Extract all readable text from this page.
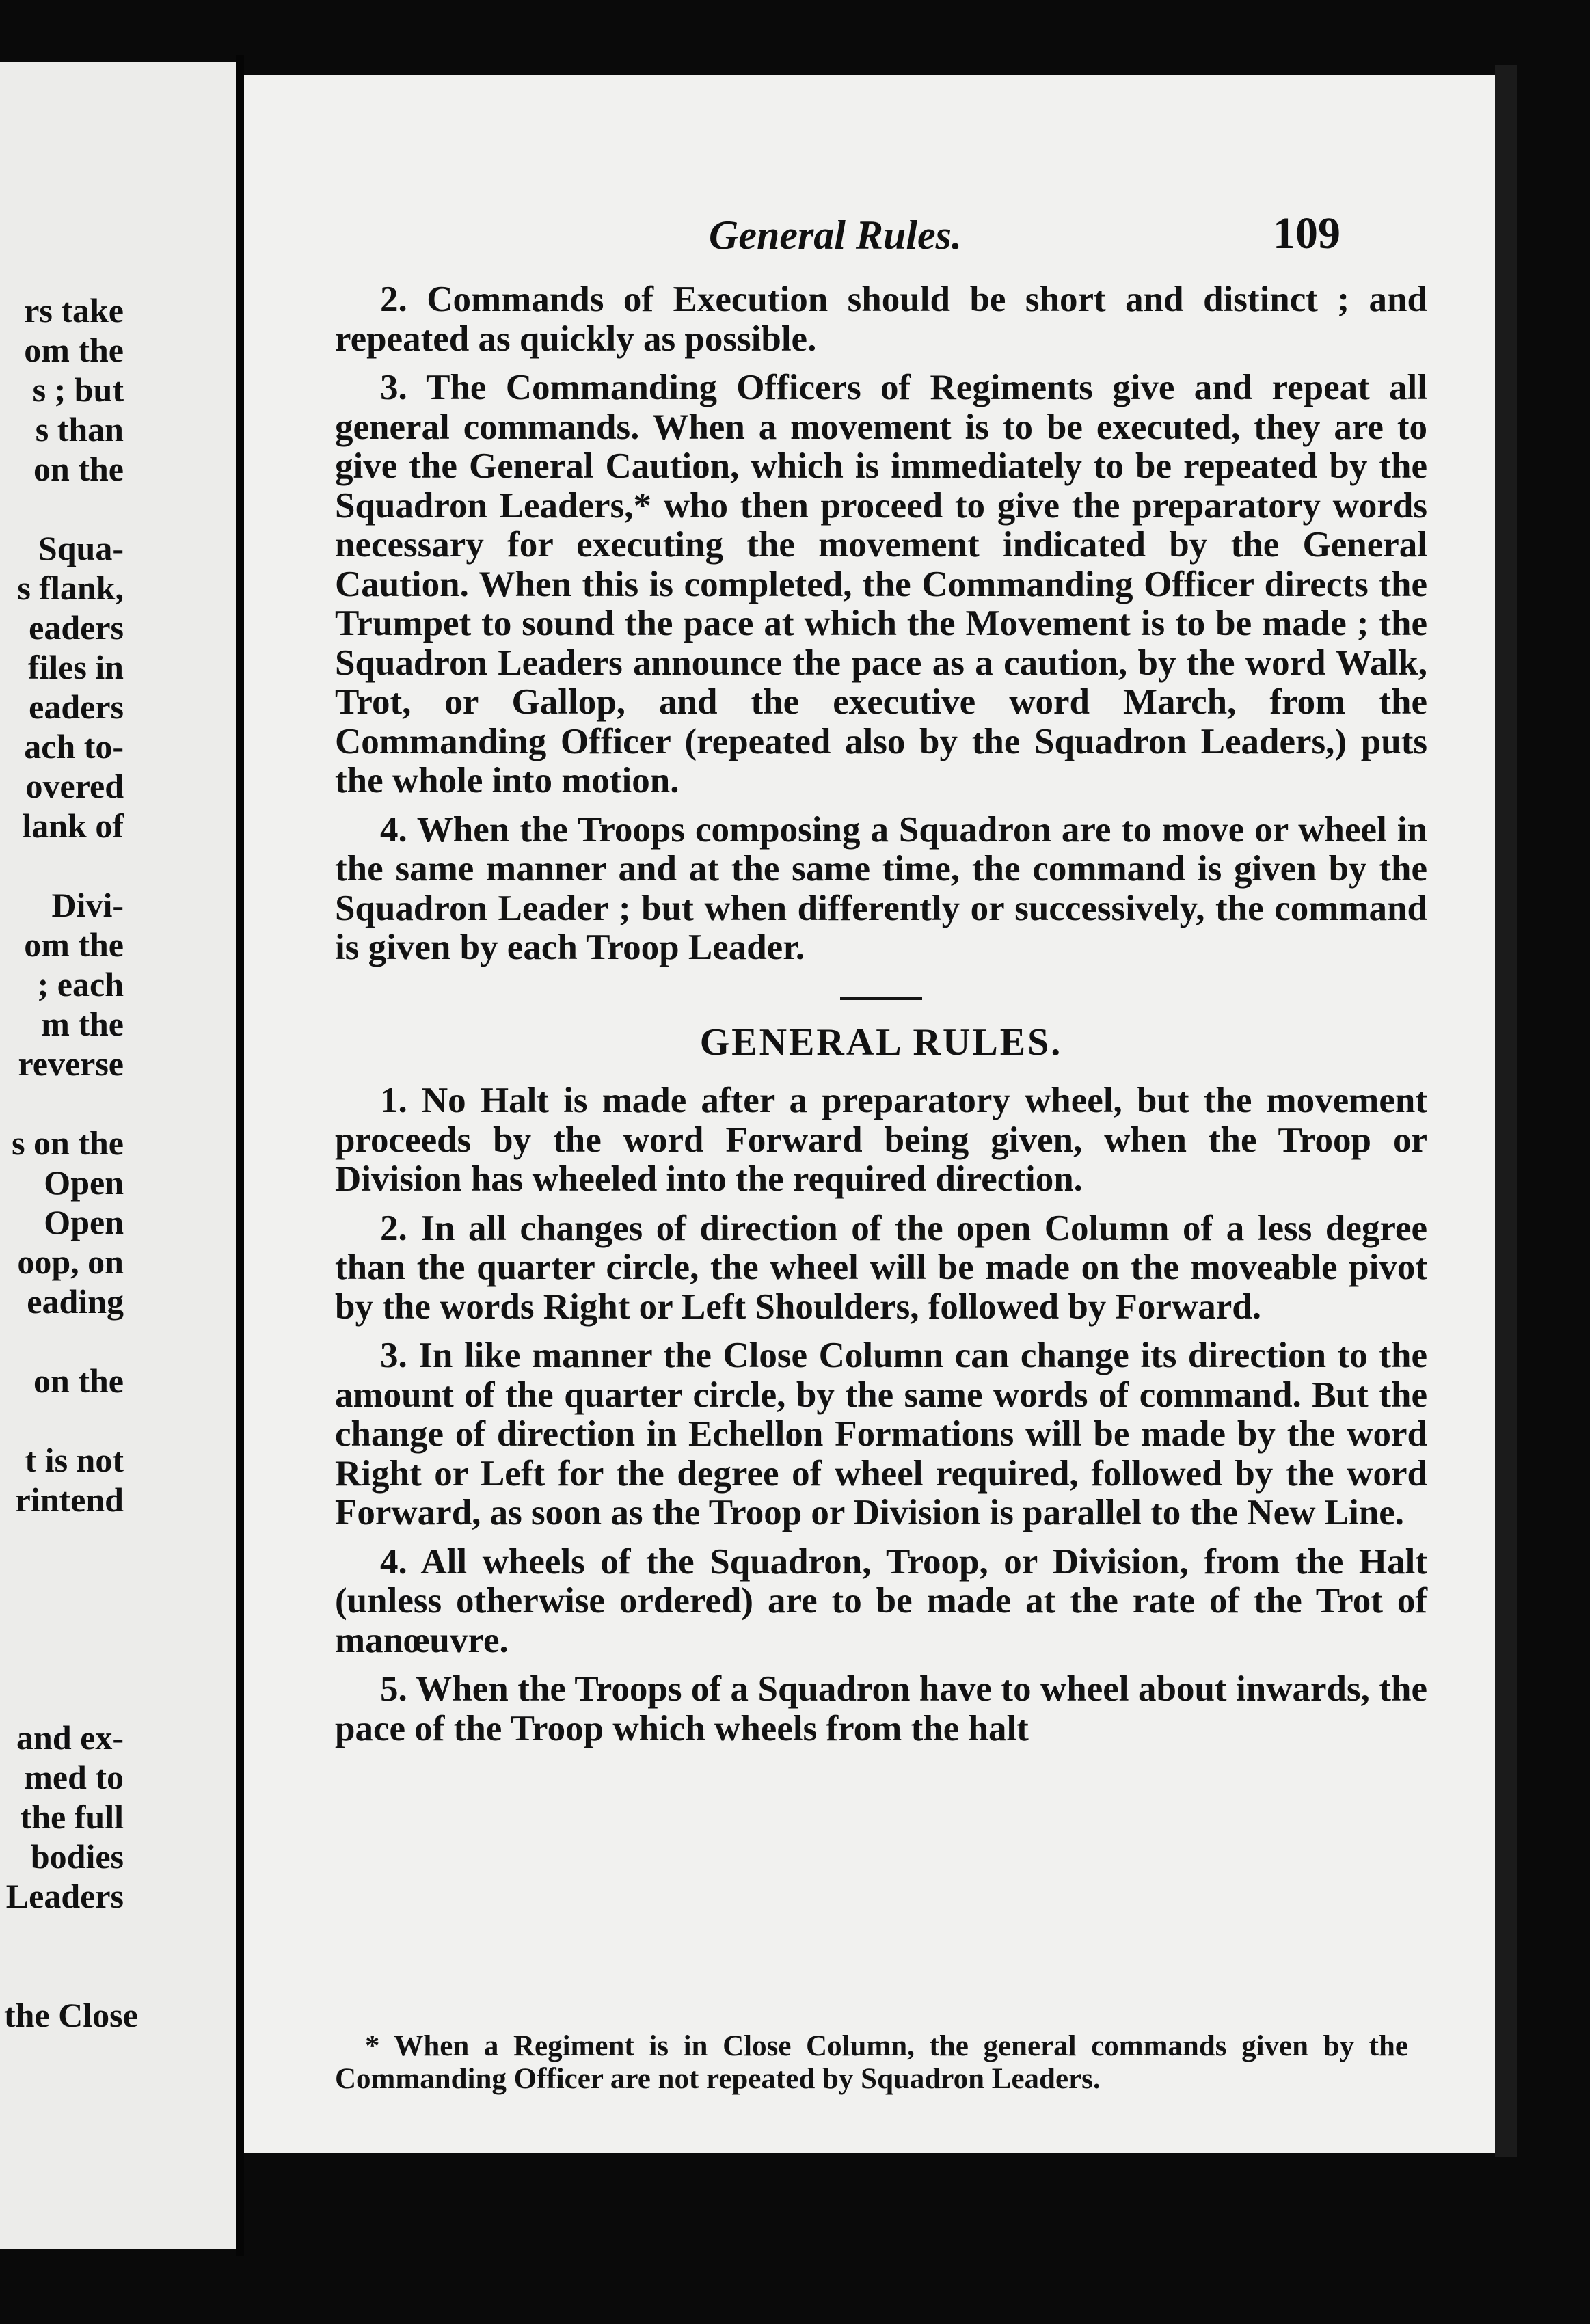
rs take
om the
s ; but
s than
on the
Squa-
s flank,
eaders
files in
eaders
ach to-
overed
lank of
Divi-
om the
; each
m the
reverse
s on the
Open
Open
oop, on
eading
on the
t is not
rintend
and ex-
med to
the full
bodies
Leaders
the Close
General Rules.	109

2. Commands of Execution should be short and distinct ; and repeated as quickly as possible.

3. The Commanding Officers of Regiments give and repeat all general commands. When a movement is to be executed, they are to give the General Caution, which is immediately to be repeated by the Squadron Leaders,* who then proceed to give the preparatory words necessary for executing the movement indicated by the General Caution. When this is completed, the Commanding Officer directs the Trumpet to sound the pace at which the Movement is to be made ; the Squadron Leaders announce the pace as a caution, by the word Walk, Trot, or Gallop, and the executive word March, from the Commanding Officer (repeated also by the Squadron Leaders,) puts the whole into motion.

4. When the Troops composing a Squadron are to move or wheel in the same manner and at the same time, the command is given by the Squadron Leader ; but when differently or successively, the command is given by each Troop Leader.

GENERAL RULES.

1. No Halt is made after a preparatory wheel, but the movement proceeds by the word Forward being given, when the Troop or Division has wheeled into the required direction.

2. In all changes of direction of the open Column of a less degree than the quarter circle, the wheel will be made on the moveable pivot by the words Right or Left Shoulders, followed by Forward.

3. In like manner the Close Column can change its direction to the amount of the quarter circle, by the same words of command. But the change of direction in Echellon Formations will be made by the word Right or Left for the degree of wheel required, followed by the word Forward, as soon as the Troop or Division is parallel to the New Line.

4. All wheels of the Squadron, Troop, or Division, from the Halt (unless otherwise ordered) are to be made at the rate of the Trot of manœuvre.

5. When the Troops of a Squadron have to wheel about inwards, the pace of the Troop which wheels from the halt

* When a Regiment is in Close Column, the general commands given by the Commanding Officer are not repeated by Squadron Leaders.
